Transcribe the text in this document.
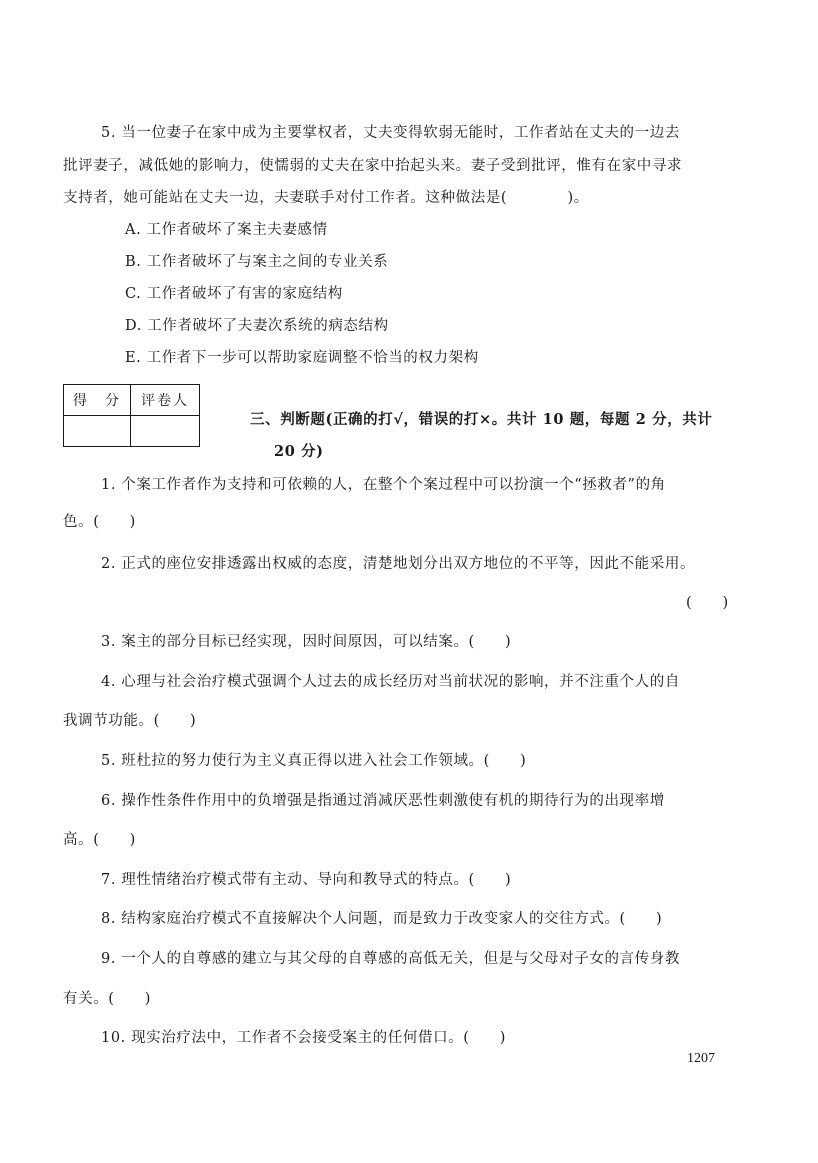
5. 当一位妻子在家中成为主要掌权者，丈夫变得软弱无能时，工作者站在丈夫的一边去
批评妻子，减低她的影响力，使懦弱的丈夫在家中抬起头来。妻子受到批评，惟有在家中寻求
支持者，她可能站在丈夫一边，夫妻联手对付工作者。这种做法是(　　　　)。
A. 工作者破坏了案主夫妻感情
B. 工作者破坏了与案主之间的专业关系
C. 工作者破坏了有害的家庭结构
D. 工作者破坏了夫妻次系统的病态结构
E. 工作者下一步可以帮助家庭调整不恰当的权力架构
得　分	评卷人

三、判断题(正确的打√，错误的打×。共计 10 题，每题 2 分，共计
20 分)
1. 个案工作者作为支持和可依赖的人，在整个个案过程中可以扮演一个“拯救者”的角
色。(　　)
2. 正式的座位安排透露出权威的态度，清楚地划分出双方地位的不平等，因此不能采用。
(　　)
3. 案主的部分目标已经实现，因时间原因，可以结案。(　　)
4. 心理与社会治疗模式强调个人过去的成长经历对当前状况的影响，并不注重个人的自
我调节功能。(　　)
5. 班杜拉的努力使行为主义真正得以进入社会工作领域。(　　)
6. 操作性条件作用中的负增强是指通过消减厌恶性刺激使有机的期待行为的出现率增
高。(　　)
7. 理性情绪治疗模式带有主动、导向和教导式的特点。(　　)
8. 结构家庭治疗模式不直接解决个人问题，而是致力于改变家人的交往方式。(　　)
9. 一个人的自尊感的建立与其父母的自尊感的高低无关，但是与父母对子女的言传身教
有关。(　　)
10. 现实治疗法中，工作者不会接受案主的任何借口。(　　)
1207
